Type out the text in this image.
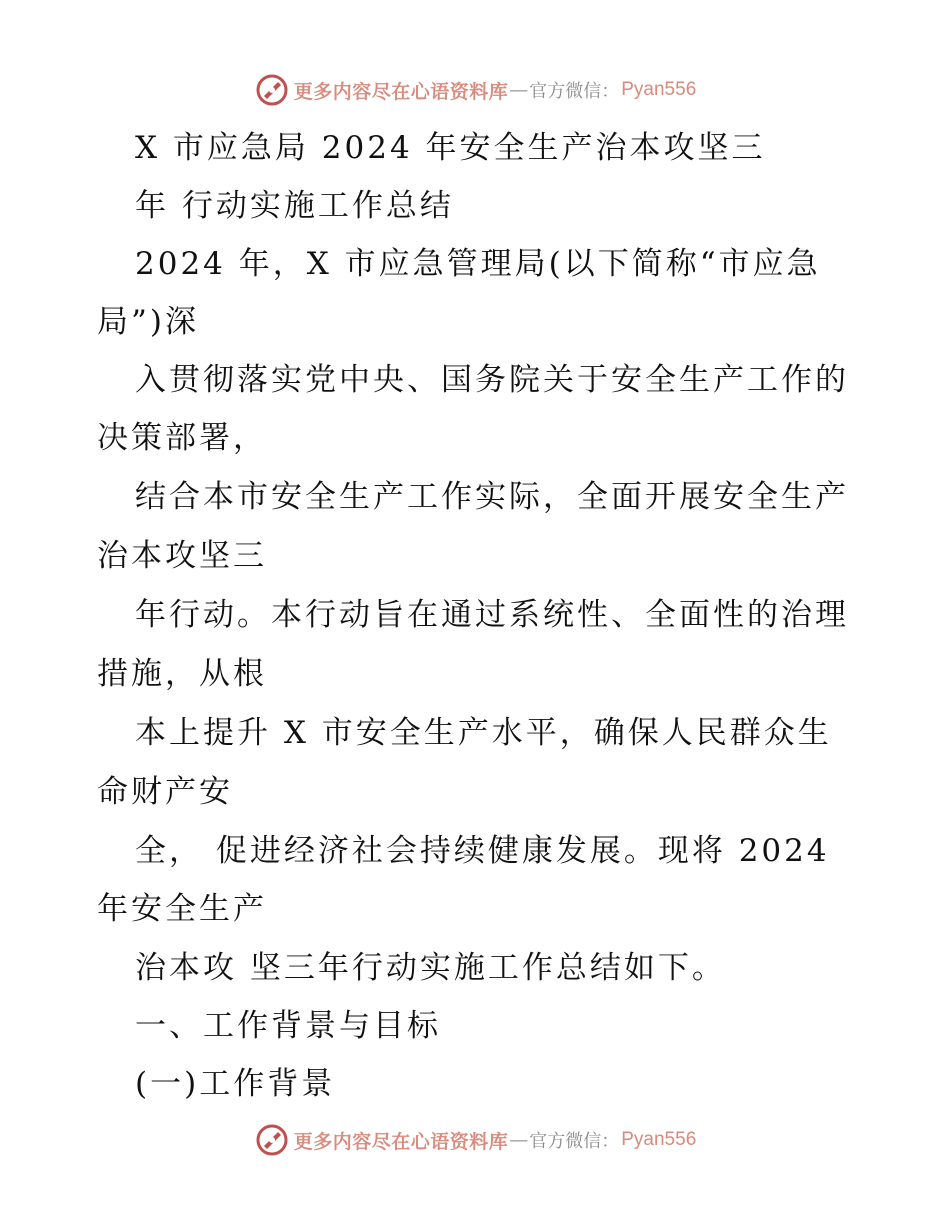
更多内容尽在心语资料库 — 官方微信： Pyan556
X 市应急局 2024 年安全生产治本攻坚三
年 行动实施工作总结
2024 年，X 市应急管理局(以下简称“市应急
局”)深
入贯彻落实党中央、国务院关于安全生产工作的
决策部署，
结合本市安全生产工作实际，全面开展安全生产
治本攻坚三
年行动。本行动旨在通过系统性、全面性的治理
措施，从根
本上提升 X 市安全生产水平，确保人民群众生
命财产安
全， 促进经济社会持续健康发展。现将 2024
年安全生产
治本攻 坚三年行动实施工作总结如下。
一、工作背景与目标
(一)工作背景
更多内容尽在心语资料库 — 官方微信： Pyan556
